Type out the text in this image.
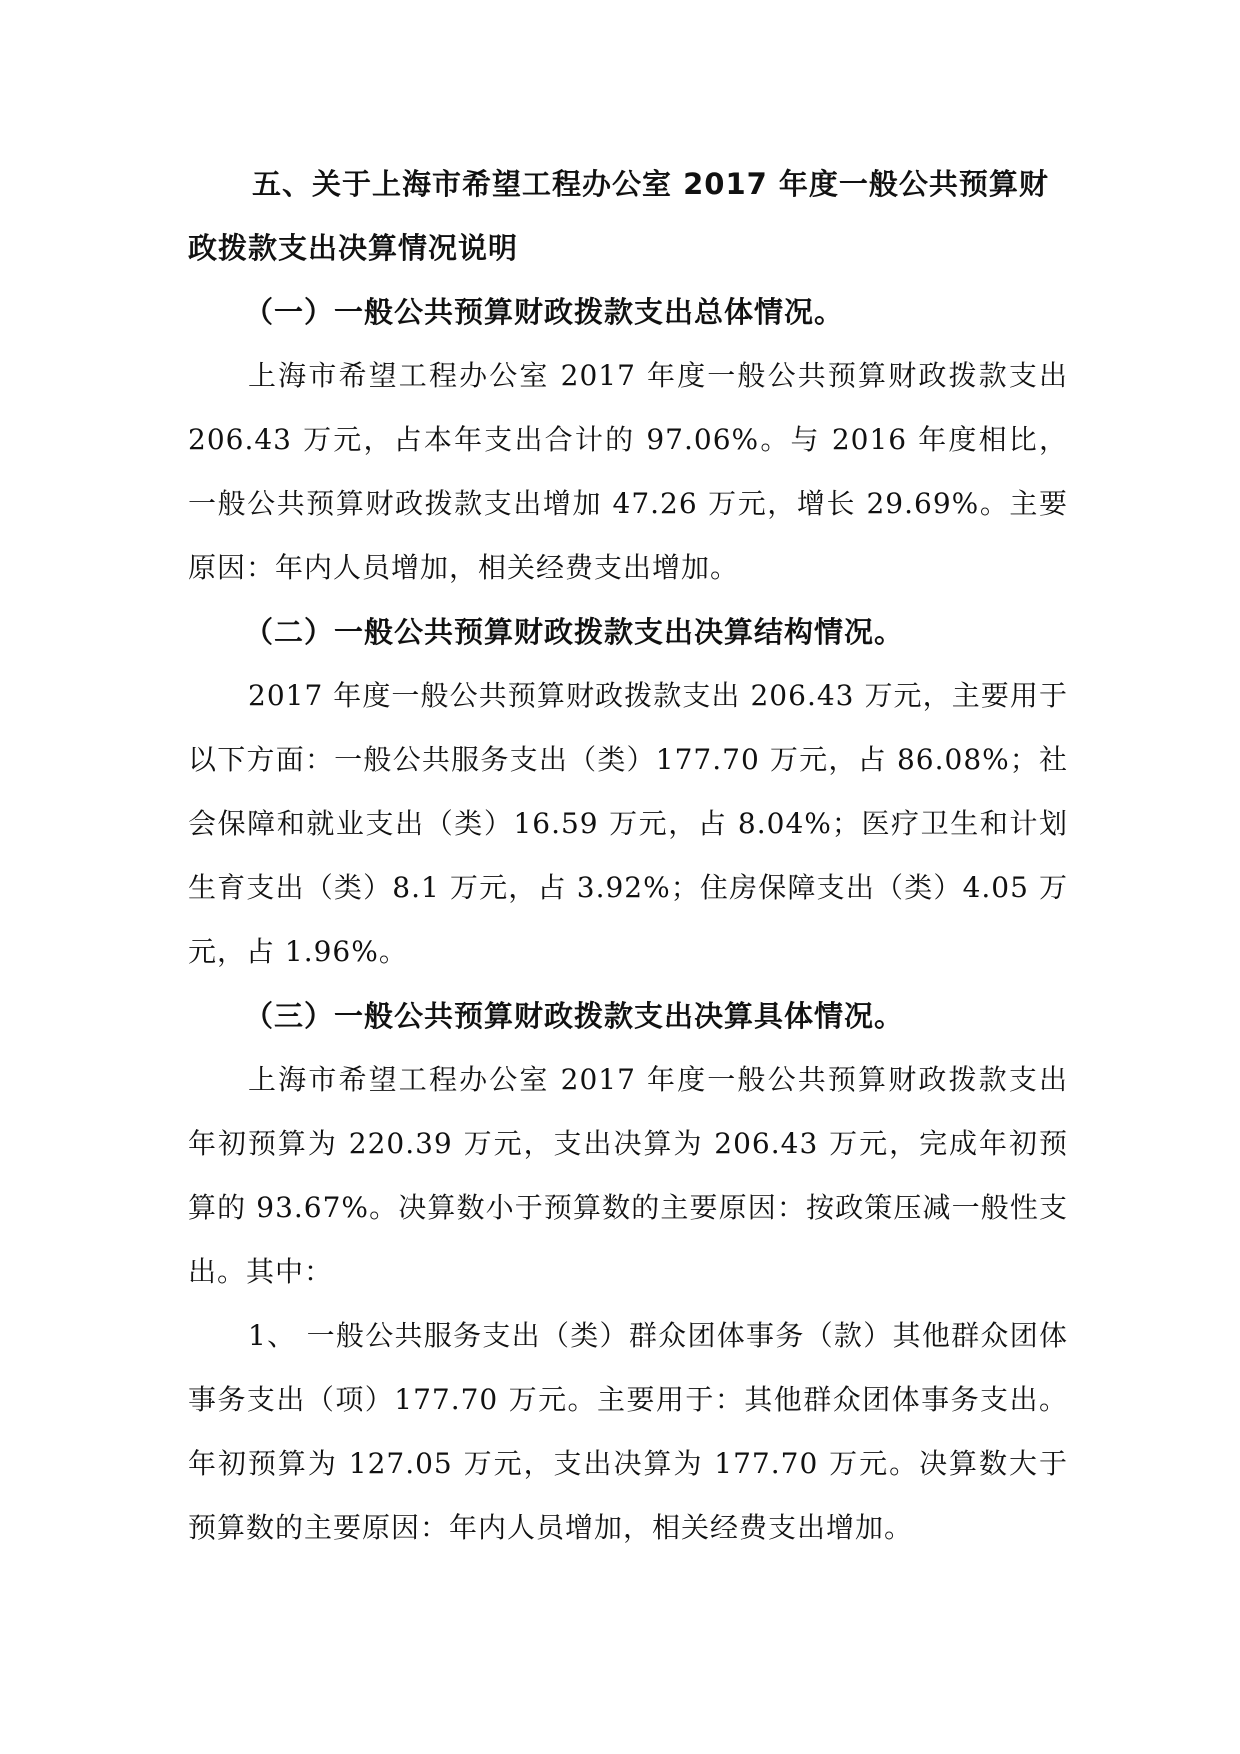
五、关于上海市希望工程办公室 2017 年度一般公共预算财政拨款支出决算情况说明

（一）一般公共预算财政拨款支出总体情况。

上海市希望工程办公室 2017 年度一般公共预算财政拨款支出 206.43 万元，占本年支出合计的 97.06%。与 2016 年度相比，一般公共预算财政拨款支出增加 47.26 万元，增长 29.69%。主要原因：年内人员增加，相关经费支出增加。

（二）一般公共预算财政拨款支出决算结构情况。

2017 年度一般公共预算财政拨款支出 206.43 万元，主要用于以下方面：一般公共服务支出（类）177.70 万元，占 86.08%；社会保障和就业支出（类）16.59 万元，占 8.04%；医疗卫生和计划生育支出（类）8.1 万元，占 3.92%；住房保障支出（类）4.05 万元，占 1.96%。

（三）一般公共预算财政拨款支出决算具体情况。

上海市希望工程办公室 2017 年度一般公共预算财政拨款支出年初预算为 220.39 万元，支出决算为 206.43 万元，完成年初预算的 93.67%。决算数小于预算数的主要原因：按政策压减一般性支出。其中：

1、 一般公共服务支出（类）群众团体事务（款）其他群众团体事务支出（项）177.70 万元。主要用于：其他群众团体事务支出。年初预算为 127.05 万元，支出决算为 177.70 万元。决算数大于预算数的主要原因：年内人员增加，相关经费支出增加。
